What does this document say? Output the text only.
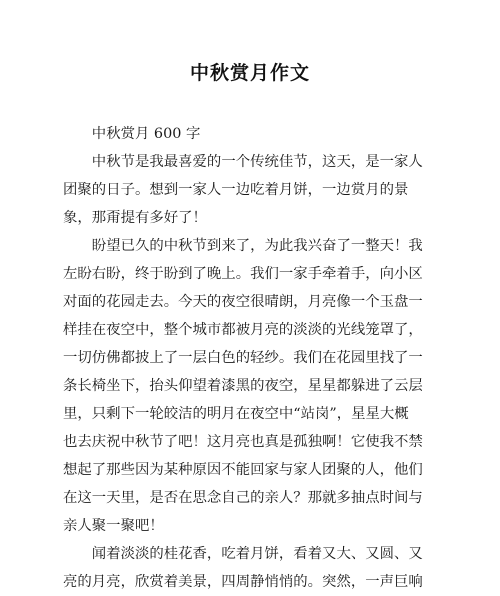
中秋赏月作文

中秋赏月 600 字

中秋节是我最喜爱的一个传统佳节，这天，是一家人团聚的日子。想到一家人一边吃着月饼，一边赏月的景象，那甭提有多好了！

盼望已久的中秋节到来了，为此我兴奋了一整天！我左盼右盼，终于盼到了晚上。我们一家手牵着手，向小区对面的花园走去。今天的夜空很晴朗，月亮像一个玉盘一样挂在夜空中，整个城市都被月亮的淡淡的光线笼罩了，一切仿佛都披上了一层白色的轻纱。我们在花园里找了一条长椅坐下，抬头仰望着漆黑的夜空，星星都躲进了云层里，只剩下一轮皎洁的明月在夜空中“站岗”，星星大概也去庆祝中秋节了吧！这月亮也真是孤独啊！它使我不禁想起了那些因为某种原因不能回家与家人团聚的人，他们在这一天里，是否在思念自己的亲人？那就多抽点时间与亲人聚一聚吧！

闻着淡淡的桂花香，吃着月饼，看着又大、又圆、又亮的月亮，欣赏着美景，四周静悄悄的。突然，一声巨响
